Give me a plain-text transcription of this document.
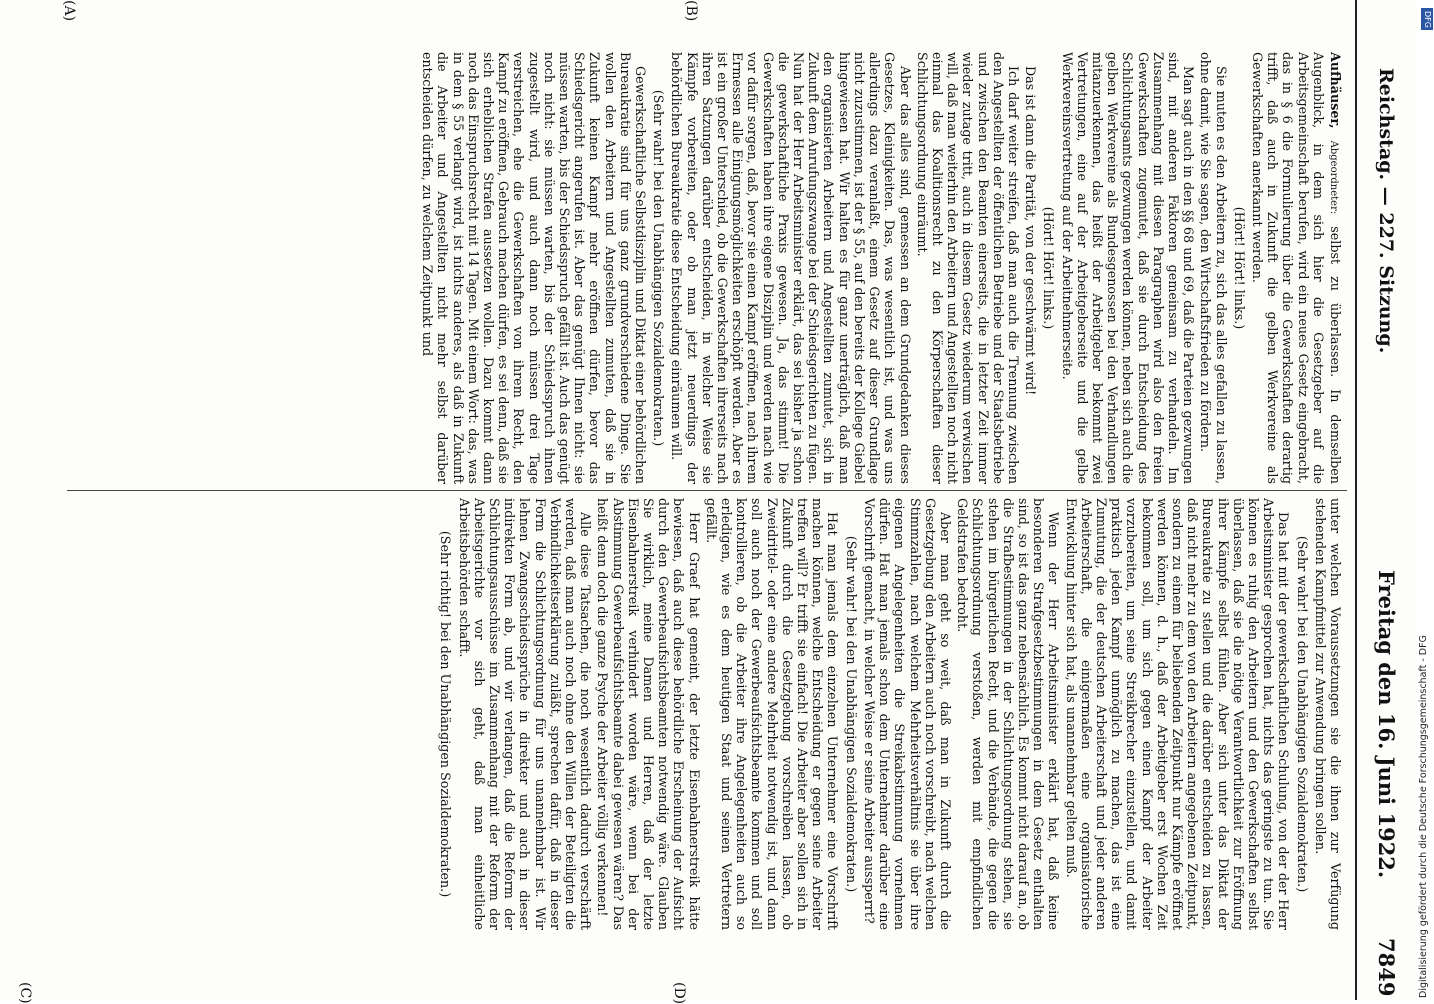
Reichstag. — 227. Sitzung.
Freitag den 16. Juni 1922.
7849
(A)	(B)
(C)	(D)

Aufhäuser, Abgeordneter: selbst zu überlassen. In demselben Augenblick, in dem sich hier die Gesetzgeber auf die Arbeitsgemeinschaft berufen, wird ein neues Gesetz eingebracht, das in § 6 die Formulierung über die Gewerkschaften derartig trifft, daß auch in Zukunft die gelben Werkvereine als Gewerkschaften anerkannt werden.

(Hört! Hört! links.)

Sie muten es den Arbeitern zu, sich das alles gefallen zu lassen, ohne damit, wie Sie sagen, den Wirtschaftsfrieden zu fördern.

Man sagt auch in den §§ 68 und 69, daß die Parteien gezwungen sind, mit anderen Faktoren gemeinsam zu verhandeln. Im Zusammenhang mit diesen Paragraphen wird also den freien Gewerkschaften zugemutet, daß sie durch Entscheidung des Schlichtungsamts gezwungen werden können, neben sich auch die gelben Werkvereine als Bundesgenossen bei den Verhandlungen mitanzuerkennen, das heißt der Arbeitgeber bekommt zwei Vertretungen, eine auf der Arbeitgeberseite und die gelbe Werkvereinsvertretung auf der Arbeitnehmerseite.

(Hört! Hört! links.)

Das ist dann die Parität, von der geschwärmt wird!

Ich darf weiter streifen, daß man auch die Trennung zwischen den Angestellten der öffentlichen Betriebe und der Staatsbetriebe und zwischen den Beamten einerseits, die in letzter Zeit immer wieder zutage tritt, auch in diesem Gesetz wiederum verwischen will, daß man weiterhin den Arbeitern und Angestellten noch nicht einmal das Koalitionsrecht zu den Körperschaften dieser Schlichtungsordnung einräumt.

Aber das alles sind, gemessen an dem Grundgedanken dieses Gesetzes, Kleinigkeiten. Das, was wesentlich ist, und was uns allerdings dazu veranlaßt, einem Gesetz auf dieser Grundlage nicht zuzustimmen, ist der § 55, auf den bereits der Kollege Giebel hingewiesen hat. Wir halten es für ganz unerträglich, daß man den organisierten Arbeitern und Angestellten zumutet, sich in Zukunft dem Anrufungszwange bei der Schiedsgerichten zu fügen. Nun hat der Herr Arbeitsminister erklärt, das sei bisher ja schon die gewerkschaftliche Praxis gewesen. Ja, das stimmt! Die Gewerkschaften haben ihre eigene Disziplin und werden nach wie vor dafür sorgen, daß, bevor sie einen Kampf eröffnen, nach ihrem Ermessen alle Einigungsmöglichkeiten erschöpft werden. Aber es ist ein großer Unterschied, ob die Gewerkschaften ihrerseits nach ihren Satzungen darüber entscheiden, in welcher Weise sie Kämpfe vorbereiten, oder ob man jetzt neuerdings der behördlichen Bureaukratie diese Entscheidung einräumen will.

(Sehr wahr! bei den Unabhängigen Sozialdemokraten.)

Gewerkschaftliche Selbstdisziplin und Diktat einer behördlichen Bureaukratie sind für uns ganz grundverschiedene Dinge. Sie wollen den Arbeitern und Angestellten zumuten, daß sie in Zukunft keinen Kampf mehr eröffnen dürfen, bevor das Schiedsgericht angerufen ist. Aber das genügt Ihnen nicht: sie müssen warten, bis der Schiedsspruch gefällt ist. Auch das genügt noch nicht: sie müssen warten, bis der Schiedsspruch ihnen zugestellt wird, und auch dann noch müssen drei Tage verstreichen, ehe die Gewerkschaften von ihrem Recht, den Kampf zu eröffnen, Gebrauch machen dürfen, es sei denn, daß sie sich erheblichen Strafen aussetzen wollen. Dazu kommt dann noch das Einspruchsrecht mit 14 Tagen. Mit einem Wort: das, was in dem § 55 verlangt wird, ist nichts anderes, als daß in Zukunft die Arbeiter und Angestellten nicht mehr selbst darüber entscheiden dürfen, zu welchem Zeitpunkt und

unter welchen Voraussetzungen sie die ihnen zur Verfügung stehenden Kampfmittel zur Anwendung bringen sollen.

(Sehr wahr! bei den Unabhängigen Sozialdemokraten.)

Das hat mit der gewerkschaftlichen Schulung, von der der Herr Arbeitsminister gesprochen hat, nichts das geringste zu tun. Sie können es ruhig den Arbeitern und den Gewerkschaften selbst überlassen, daß sie die nötige Verantwortlichkeit zur Eröffnung ihrer Kämpfe selbst fühlen. Aber sich unter das Diktat der Bureaukratie zu stellen und die darüber entscheiden zu lassen, daß nicht mehr zu dem von den Arbeitern angegebenen Zeitpunkt, sondern zu einem für beliebenden Zeitpunkt nur Kämpfe eröffnet werden können, d. h., daß der Arbeitgeber erst Wochen Zeit bekommen soll, um sich gegen einen Kampf der Arbeiter vorzubereiten, um seine Streikbrecher einzustellen, und damit praktisch jeden Kampf unmöglich zu machen, das ist eine Zumutung, die der deutschen Arbeiterschaft und jeder anderen Arbeiterschaft, die einigermaßen eine organisatorische Entwicklung hinter sich hat, als unannehmbar gelten muß.

Wenn der Herr Arbeitsminister erklärt hat, daß keine besonderen Strafgesetzbestimmungen in dem Gesetz enthalten sind, so ist das ganz nebensächlich. Es kommt nicht darauf an, ob die Strafbestimmungen in der Schlichtungsordnung stehen, sie stehen im bürgerlichen Recht, und die Verbände, die gegen die Schlichtungsordnung verstoßen, werden mit empfindlichen Geldstrafen bedroht.

Aber man geht so weit, daß man in Zukunft durch die Gesetzgebung den Arbeitern auch noch vorschreibt, nach welchen Stimmzahlen, nach welchem Mehrheitsverhältnis sie über ihre eigenen Angelegenheiten die Streikabstimmung vornehmen dürfen. Hat man jemals schon dem Unternehmer darüber eine Vorschrift gemacht, in welcher Weise er seine Arbeiter aussperrt?

(Sehr wahr! bei den Unabhängigen Sozialdemokraten.)

Hat man jemals dem einzelnen Unternehmer eine Vorschrift machen können, welche Entscheidung er gegen seine Arbeiter treffen will? Er trifft sie einfach! Die Arbeiter aber sollen sich in Zukunft durch die Gesetzgebung vorschreiben lassen, ob Zweidrittel- oder eine andere Mehrheit notwendig ist, und dann soll auch noch der Gewerbeaufsichtsbeamte kommen und soll kontrollieren, ob die Arbeiter ihre Angelegenheiten auch so erledigen, wie es dem heutigen Staat und seinen Vertretern gefällt.

Herr Graef hat gemeint, der letzte Eisenbahnerstreik hätte bewiesen, daß auch diese behördliche Erscheinung der Aufsicht durch den Gewerbeaufsichtsbeamten notwendig wäre. Glauben Sie wirklich, meine Damen und Herren, daß der letzte Eisenbahnerstreik verhindert worden wäre, wenn bei der Abstimmung Gewerbeaufsichtsbeamte dabei gewesen wären? Das heißt denn doch die ganze Psyche der Arbeiter völlig verkennen!

Alle diese Tatsachen, die noch wesentlich dadurch verschärft werden, daß man auch noch ohne den Willen der Beteiligten die Verbindlichkeitserklärung zuläßt, sprechen dafür, daß in dieser Form die Schlichtungsordnung für uns unannehmbar ist. Wir lehnen Zwangsschiedssprüche in direkter und auch in dieser indirekten Form ab, und wir verlangen, daß die Reform der Schlichtungsausschüsse im Zusammenhang mit der Reform der Arbeitsgerichte vor sich geht, daß man einheitliche Arbeitsbehörden schafft.

(Sehr richtig! bei den Unabhängigen Sozialdemokraten.)

DFG
Digitalisierung gefördert durch die Deutsche Forschungsgemeinschaft - DFG
